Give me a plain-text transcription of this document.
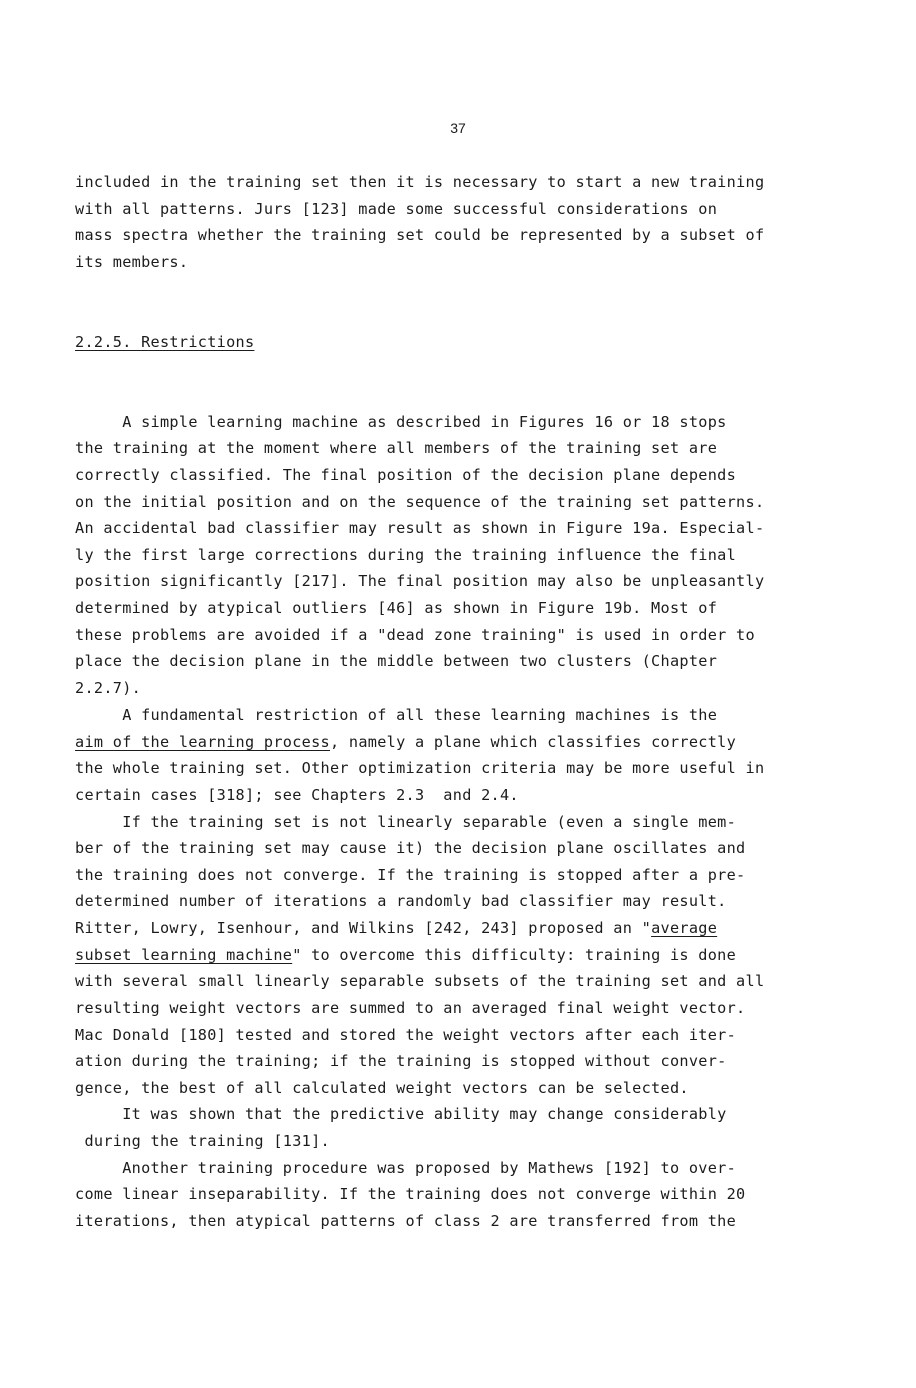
37
included in the training set then it is necessary to start a new training
with all patterns. Jurs [123] made some successful considerations on
mass spectra whether the training set could be represented by a subset of
its members.
2.2.5. Restrictions
A simple learning machine as described in Figures 16 or 18 stops
the training at the moment where all members of the training set are
correctly classified. The final position of the decision plane depends
on the initial position and on the sequence of the training set patterns.
An accidental bad classifier may result as shown in Figure 19a. Especial-
ly the first large corrections during the training influence the final
position significantly [217]. The final position may also be unpleasantly
determined by atypical outliers [46] as shown in Figure 19b. Most of
these problems are avoided if a "dead zone training" is used in order to
place the decision plane in the middle between two clusters (Chapter
2.2.7).
A fundamental restriction of all these learning machines is the
aim of the learning process, namely a plane which classifies correctly
the whole training set. Other optimization criteria may be more useful in
certain cases [318]; see Chapters 2.3  and 2.4.
If the training set is not linearly separable (even a single mem-
ber of the training set may cause it) the decision plane oscillates and
the training does not converge. If the training is stopped after a pre-
determined number of iterations a randomly bad classifier may result.
Ritter, Lowry, Isenhour, and Wilkins [242, 243] proposed an "average
subset learning machine" to overcome this difficulty: training is done
with several small linearly separable subsets of the training set and all
resulting weight vectors are summed to an averaged final weight vector.
Mac Donald [180] tested and stored the weight vectors after each iter-
ation during the training; if the training is stopped without conver-
gence, the best of all calculated weight vectors can be selected.
It was shown that the predictive ability may change considerably
during the training [131].
Another training procedure was proposed by Mathews [192] to over-
come linear inseparability. If the training does not converge within 20
iterations, then atypical patterns of class 2 are transferred from the
